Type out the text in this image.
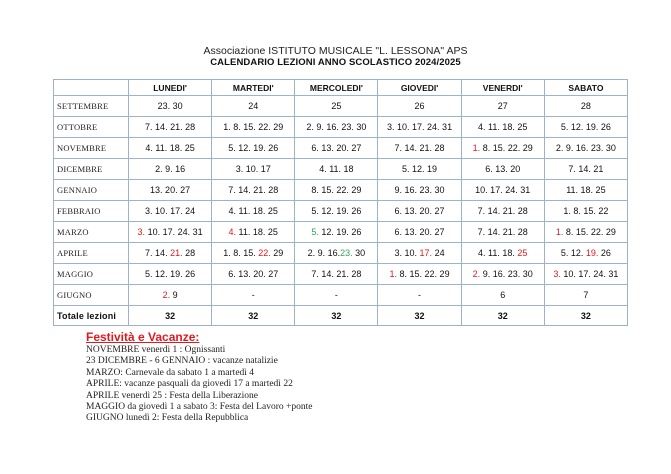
Associazione ISTITUTO MUSICALE "L. LESSONA" APS
CALENDARIO LEZIONI ANNO SCOLASTICO 2024/2025
	LUNEDI'	MARTEDI'	MERCOLEDI'	GIOVEDI'	VENERDI'	SABATO
SETTEMBRE	23. 30	24	25	26	27	28
OTTOBRE	7. 14. 21. 28	1. 8. 15. 22. 29	2. 9. 16. 23. 30	3. 10. 17. 24. 31	4. 11. 18. 25	5. 12. 19. 26
NOVEMBRE	4. 11. 18. 25	5. 12. 19. 26	6. 13. 20. 27	7. 14. 21. 28	1. 8. 15. 22. 29	2. 9. 16. 23. 30
DICEMBRE	2. 9. 16	3. 10. 17	4. 11. 18	5. 12. 19	6. 13. 20	7. 14. 21
GENNAIO	13. 20. 27	7. 14. 21. 28	8. 15. 22. 29	9. 16. 23. 30	10. 17. 24. 31	11. 18. 25
FEBBRAIO	3. 10. 17. 24	4. 11. 18. 25	5. 12. 19. 26	6. 13. 20. 27	7. 14. 21. 28	1. 8. 15. 22
MARZO	3. 10. 17. 24. 31	4. 11. 18. 25	5. 12. 19. 26	6. 13. 20. 27	7. 14. 21. 28	1. 8. 15. 22. 29
APRILE	7. 14. 21. 28	1. 8. 15. 22. 29	2. 9. 16.23. 30	3. 10. 17. 24	4. 11. 18. 25	5. 12. 19. 26
MAGGIO	5. 12. 19. 26	6. 13. 20. 27	7. 14. 21. 28	1. 8. 15. 22. 29	2. 9. 16. 23. 30	3. 10. 17. 24. 31
GIUGNO	2. 9	-	-	-	6	7
Totale lezioni	32	32	32	32	32	32
Festività e Vacanze:
NOVEMBRE venerdì 1 : Ognissanti
23 DICEMBRE - 6 GENNAIO : vacanze natalizie
MARZO: Carnevale da sabato 1 a martedì 4
APRILE: vacanze pasquali da giovedì 17 a martedì 22
APRILE venerdì 25 : Festa della Liberazione
MAGGIO da giovedì 1 a sabato 3: Festa del Lavoro +ponte
GIUGNO lunedì 2: Festa della Repubblica
